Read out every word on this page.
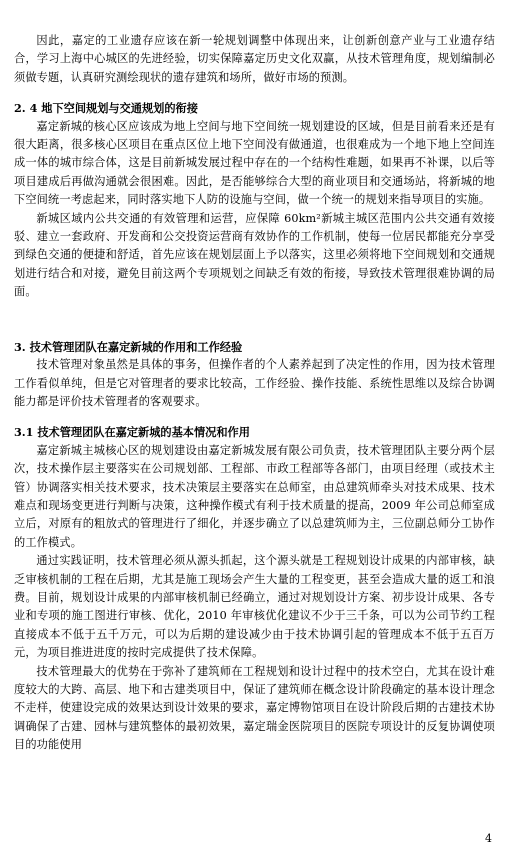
因此，嘉定的工业遗存应该在新一轮规划调整中体现出来，让创新创意产业与工业遗存结合，学习上海中心城区的先进经验，切实保障嘉定历史文化双赢，从技术管理角度，规划编制必须做专题，认真研究测绘现状的遗存建筑和场所，做好市场的预测。

2. 4 地下空间规划与交通规划的衔接

嘉定新城的核心区应该成为地上空间与地下空间统一规划建设的区域，但是目前看来还是有很大距离，很多核心区项目在重点区位上地下空间没有做通道，也很难成为一个地下地上空间连成一体的城市综合体，这是目前新城发展过程中存在的一个结构性难题，如果再不补课，以后等项目建成后再做沟通就会很困难。因此，是否能够综合大型的商业项目和交通场站，将新城的地下空间统一考虑起来，同时落实地下人防的设施与空间，做一个统一的规划来指导项目的实施。

新城区域内公共交通的有效管理和运营，应保障 60km²新城主城区范围内公共交通有效接驳、建立一套政府、开发商和公交投资运营商有效协作的工作机制，使每一位居民都能充分享受到绿色交通的便捷和舒适，首先应该在规划层面上予以落实，这里必须将地下空间规划和交通规划进行结合和对接，避免目前这两个专项规划之间缺乏有效的衔接，导致技术管理很难协调的局面。

3. 技术管理团队在嘉定新城的作用和工作经验

技术管理对象虽然是具体的事务，但操作者的个人素养起到了决定性的作用，因为技术管理工作看似单纯，但是它对管理者的要求比较高，工作经验、操作技能、系统性思维以及综合协调能力都是评价技术管理者的客观要求。

3.1 技术管理团队在嘉定新城的基本情况和作用

嘉定新城主城核心区的规划建设由嘉定新城发展有限公司负责，技术管理团队主要分两个层次，技术操作层主要落实在公司规划部、工程部、市政工程部等各部门，由项目经理（或技术主管）协调落实相关技术要求，技术决策层主要落实在总师室，由总建筑师牵头对技术成果、技术难点和现场变更进行判断与决策，这种操作模式有利于技术质量的提高，2009 年公司总师室成立后，对原有的粗放式的管理进行了细化，并逐步确立了以总建筑师为主，三位副总师分工协作的工作模式。

通过实践证明，技术管理必须从源头抓起，这个源头就是工程规划设计成果的内部审核，缺乏审核机制的工程在后期，尤其是施工现场会产生大量的工程变更，甚至会造成大量的返工和浪费。目前，规划设计成果的内部审核机制已经确立，通过对规划设计方案、初步设计成果、各专业和专项的施工图进行审核、优化，2010 年审核优化建议不少于三千条，可以为公司节约工程直接成本不低于五千万元，可以为后期的建设减少由于技术协调引起的管理成本不低于五百万元，为项目推进进度的按时完成提供了技术保障。

技术管理最大的优势在于弥补了建筑师在工程规划和设计过程中的技术空白，尤其在设计难度较大的大跨、高层、地下和古建类项目中，保证了建筑师在概念设计阶段确定的基本设计理念不走样，使建设完成的效果达到设计效果的要求，嘉定博物馆项目在设计阶段后期的古建技术协调确保了古建、园林与建筑整体的最初效果，嘉定瑞金医院项目的医院专项设计的反复协调使项目的功能使用

4
